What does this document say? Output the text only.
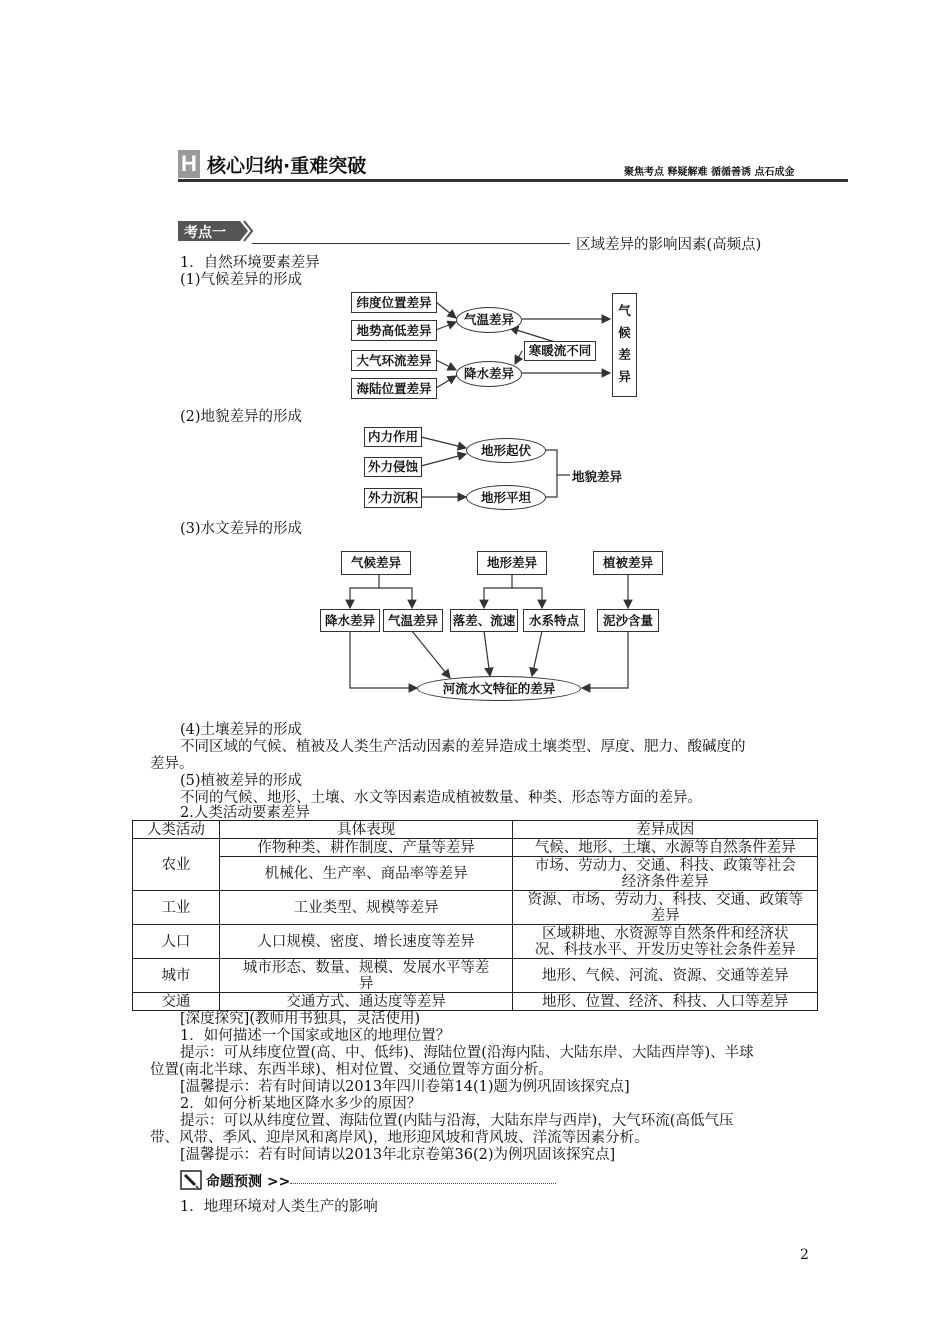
H 核心归纳·重难突破	聚焦考点 释疑解难 循循善诱 点石成金
考点一
区域差异的影响因素(高频点)
1．自然环境要素差异
(1)气候差异的形成
纬度位置差异
地势高低差异
大气环流差异
海陆位置差异
气温差异
降水差异
寒暖流不同
气
候
差
异
(2)地貌差异的形成
内力作用
外力侵蚀
外力沉积
地形起伏
地形平坦
地貌差异
(3)水文差异的形成
气候差异	地形差异	植被差异
降水差异	气温差异	落差、流速	水系特点	泥沙含量
河流水文特征的差异
(4)土壤差异的形成
不同区域的气候、植被及人类生产活动因素的差异造成土壤类型、厚度、肥力、酸碱度的
差异。
(5)植被差异的形成
不同的气候、地形、土壤、水文等因素造成植被数量、种类、形态等方面的差异。
2.人类活动要素差异
人类活动	具体表现	差异成因
农业	作物种类、耕作制度、产量等差异	气候、地形、土壤、水源等自然条件差异
	机械化、生产率、商品率等差异	市场、劳动力、交通、科技、政策等社会
经济条件差异
工业	工业类型、规模等差异	资源、市场、劳动力、科技、交通、政策等
差异
人口	人口规模、密度、增长速度等差异	区域耕地、水资源等自然条件和经济状
况、科技水平、开发历史等社会条件差异
城市	城市形态、数量、规模、发展水平等差
异	地形、气候、河流、资源、交通等差异
交通	交通方式、通达度等差异	地形、位置、经济、科技、人口等差异
[深度探究](教师用书独具，灵活使用)
1．如何描述一个国家或地区的地理位置？
提示：可从纬度位置(高、中、低纬)、海陆位置(沿海内陆、大陆东岸、大陆西岸等)、半球
位置(南北半球、东西半球)、相对位置、交通位置等方面分析。
[温馨提示：若有时间请以2013年四川卷第14(1)题为例巩固该探究点]
2．如何分析某地区降水多少的原因？
提示：可以从纬度位置、海陆位置(内陆与沿海，大陆东岸与西岸)，大气环流(高低气压
带、风带、季风、迎岸风和离岸风)，地形迎风坡和背风坡、洋流等因素分析。
[温馨提示：若有时间请以2013年北京卷第36(2)为例巩固该探究点]
命题预测 >>
1．地理环境对人类生产的影响
2
